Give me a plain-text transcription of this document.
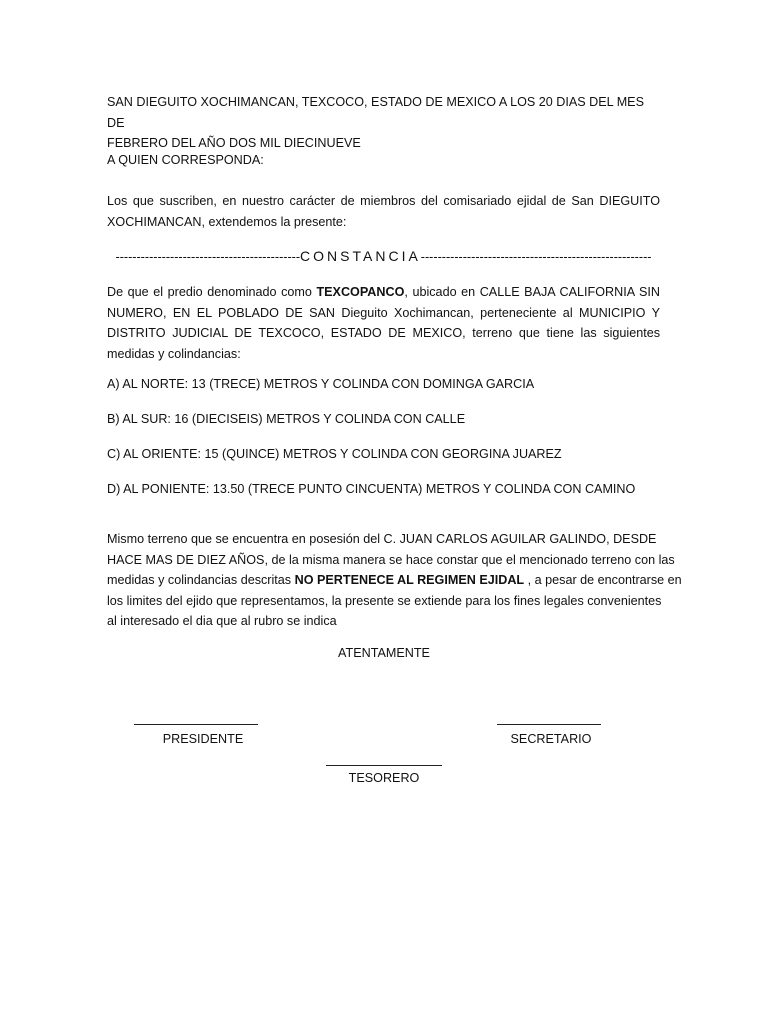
SAN DIEGUITO XOCHIMANCAN, TEXCOCO, ESTADO DE MEXICO A LOS 20 DIAS DEL MES DE
FEBRERO DEL AÑO DOS MIL DIECINUEVE

A QUIEN CORRESPONDA:

Los que suscriben, en nuestro carácter de miembros del comisariado ejidal de San DIEGUITO XOCHIMANCAN, extendemos la presente:

--------------------------------------------CONSTANCIA-------------------------------------------------------

De que el predio denominado como TEXCOPANCO, ubicado en CALLE BAJA CALIFORNIA SIN NUMERO, EN EL POBLADO DE SAN Dieguito Xochimancan, perteneciente al MUNICIPIO Y DISTRITO JUDICIAL DE TEXCOCO, ESTADO DE MEXICO, terreno que tiene las siguientes medidas y colindancias:

A) AL NORTE: 13 (TRECE) METROS Y COLINDA CON DOMINGA GARCIA

B) AL SUR: 16 (DIECISEIS) METROS Y COLINDA CON CALLE

C) AL ORIENTE: 15 (QUINCE) METROS Y COLINDA CON GEORGINA JUAREZ

D) AL PONIENTE: 13.50 (TRECE PUNTO CINCUENTA) METROS Y COLINDA CON CAMINO

Mismo terreno que se encuentra en posesión del C. JUAN CARLOS AGUILAR GALINDO, DESDE
HACE MAS DE DIEZ AÑOS, de la misma manera se hace constar que el mencionado terreno con las
medidas y colindancias descritas NO PERTENECE AL REGIMEN EJIDAL , a pesar de encontrarse en
los limites del ejido que representamos, la presente se extiende para los fines legales convenientes
al interesado el dia que al rubro se indica
ATENTAMENTE
PRESIDENTE	SECRETARIO
TESORERO
